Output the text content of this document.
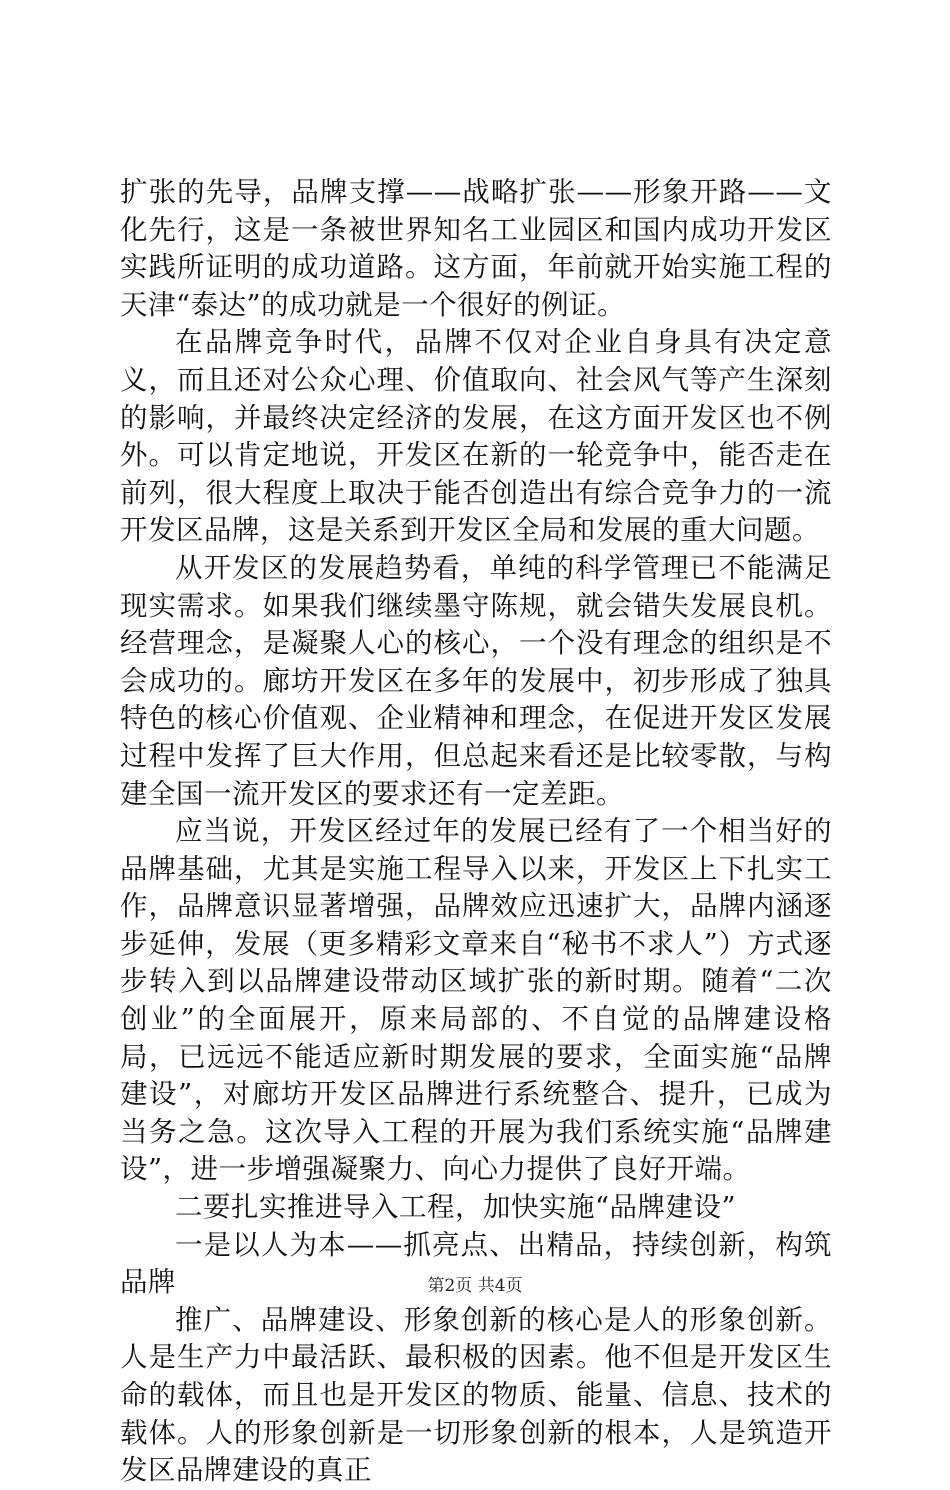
扩张的先导，品牌支撑——战略扩张——形象开路——文化先行，这是一条被世界知名工业园区和国内成功开发区实践所证明的成功道路。这方面，年前就开始实施工程的天津“泰达”的成功就是一个很好的例证。

在品牌竞争时代，品牌不仅对企业自身具有决定意义，而且还对公众心理、价值取向、社会风气等产生深刻的影响，并最终决定经济的发展，在这方面开发区也不例外。可以肯定地说，开发区在新的一轮竞争中，能否走在前列，很大程度上取决于能否创造出有综合竞争力的一流开发区品牌，这是关系到开发区全局和发展的重大问题。

从开发区的发展趋势看，单纯的科学管理已不能满足现实需求。如果我们继续墨守陈规，就会错失发展良机。经营理念，是凝聚人心的核心，一个没有理念的组织是不会成功的。廊坊开发区在多年的发展中，初步形成了独具特色的核心价值观、企业精神和理念，在促进开发区发展过程中发挥了巨大作用，但总起来看还是比较零散，与构建全国一流开发区的要求还有一定差距。

应当说，开发区经过年的发展已经有了一个相当好的品牌基础，尤其是实施工程导入以来，开发区上下扎实工作，品牌意识显著增强，品牌效应迅速扩大，品牌内涵逐步延伸，发展（更多精彩文章来自“秘书不求人”）方式逐步转入到以品牌建设带动区域扩张的新时期。随着“二次创业”的全面展开，原来局部的、不自觉的品牌建设格局，已远远不能适应新时期发展的要求，全面实施“品牌建设”，对廊坊开发区品牌进行系统整合、提升，已成为当务之急。这次导入工程的开展为我们系统实施“品牌建设”，进一步增强凝聚力、向心力提供了良好开端。

二要扎实推进导入工程，加快实施“品牌建设”

一是以人为本——抓亮点、出精品，持续创新，构筑品牌

推广、品牌建设、形象创新的核心是人的形象创新。人是生产力中最活跃、最积极的因素。他不但是开发区生命的载体，而且也是开发区的物质、能量、信息、技术的载体。人的形象创新是一切形象创新的根本，人是筑造开发区品牌建设的真正

第2页 共4页
